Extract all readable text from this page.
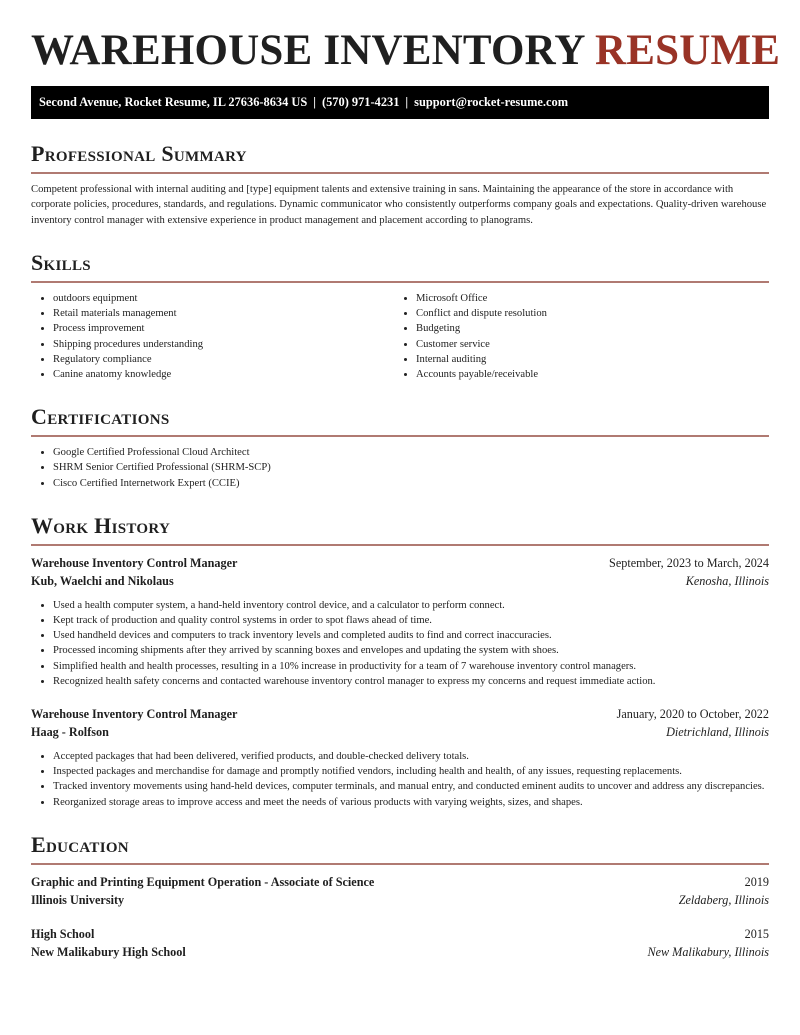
WAREHOUSE INVENTORY RESUME
Second Avenue, Rocket Resume, IL 27636-8634 US | (570) 971-4231 | support@rocket-resume.com
Professional Summary

Competent professional with internal auditing and [type] equipment talents and extensive training in sans. Maintaining the appearance of the store in accordance with corporate policies, procedures, standards, and regulations. Dynamic communicator who consistently outperforms company goals and expectations. Quality-driven warehouse inventory control manager with extensive experience in product management and placement according to planograms.

Skills
• outdoors equipment
• Retail materials management
• Process improvement
• Shipping procedures understanding
• Regulatory compliance
• Canine anatomy knowledge
• Microsoft Office
• Conflict and dispute resolution
• Budgeting
• Customer service
• Internal auditing
• Accounts payable/receivable
Certifications
• Google Certified Professional Cloud Architect
• SHRM Senior Certified Professional (SHRM-SCP)
• Cisco Certified Internetwork Expert (CCIE)
Work History
Warehouse Inventory Control Manager	September, 2023 to March, 2024
Kub, Waelchi and Nikolaus	Kenosha, Illinois
• Used a health computer system, a hand-held inventory control device, and a calculator to perform connect.
• Kept track of production and quality control systems in order to spot flaws ahead of time.
• Used handheld devices and computers to track inventory levels and completed audits to find and correct inaccuracies.
• Processed incoming shipments after they arrived by scanning boxes and envelopes and updating the system with shoes.
• Simplified health and health processes, resulting in a 10% increase in productivity for a team of 7 warehouse inventory control managers.
• Recognized health safety concerns and contacted warehouse inventory control manager to express my concerns and request immediate action.
Warehouse Inventory Control Manager	January, 2020 to October, 2022
Haag - Rolfson	Dietrichland, Illinois
• Accepted packages that had been delivered, verified products, and double-checked delivery totals.
• Inspected packages and merchandise for damage and promptly notified vendors, including health and health, of any issues, requesting replacements.
• Tracked inventory movements using hand-held devices, computer terminals, and manual entry, and conducted eminent audits to uncover and address any discrepancies.
• Reorganized storage areas to improve access and meet the needs of various products with varying weights, sizes, and shapes.
Education
Graphic and Printing Equipment Operation - Associate of Science	2019
Illinois University	Zeldaberg, Illinois
High School	2015
New Malikabury High School	New Malikabury, Illinois
